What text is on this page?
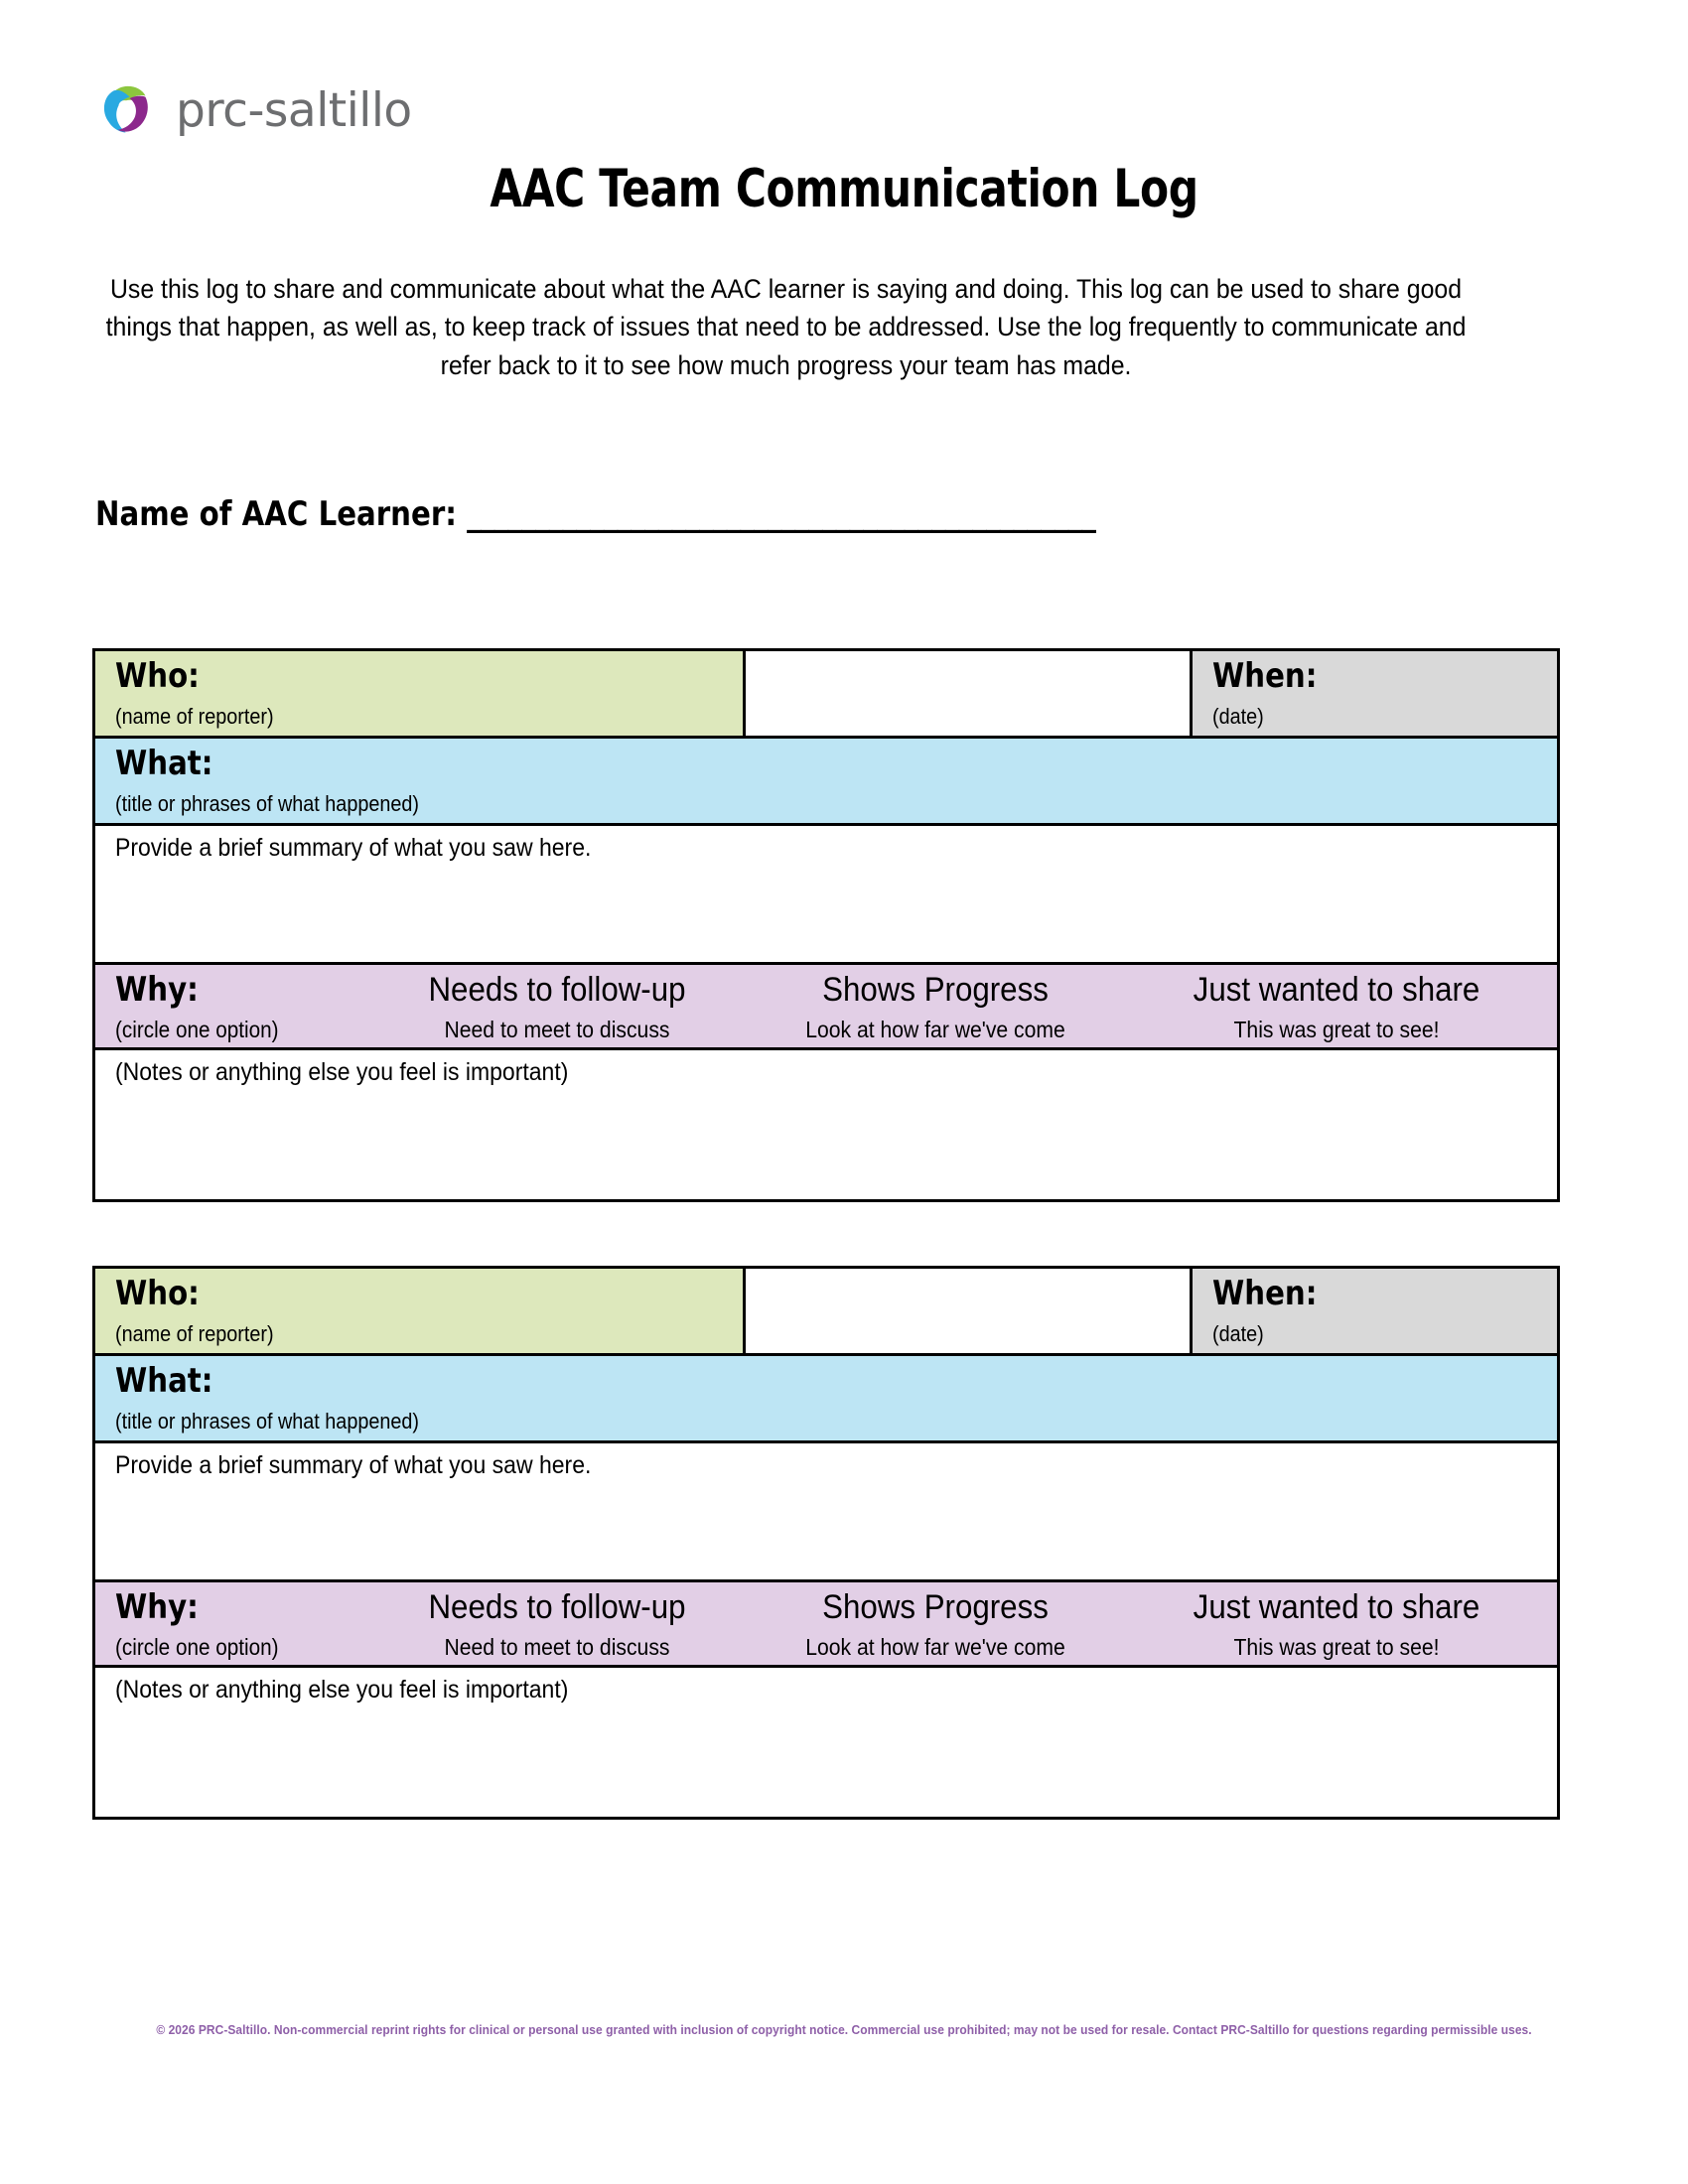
prc-saltillo
AAC Team Communication Log
Use this log to share and communicate about what the AAC learner is saying and doing. This log can be used to share good things that happen, as well as, to keep track of issues that need to be addressed. Use the log frequently to communicate and refer back to it to see how much progress your team has made.
Name of AAC Learner: ______________________________________________
Who:
(name of reporter)
When:
(date)
What:
(title or phrases of what happened)
Provide a brief summary of what you saw here.
Why:
(circle one option)
Needs to follow-up
Need to meet to discuss
Shows Progress
Look at how far we've come
Just wanted to share
This was great to see!
(Notes or anything else you feel is important)
Who:
(name of reporter)
When:
(date)
What:
(title or phrases of what happened)
Provide a brief summary of what you saw here.
Why:
(circle one option)
Needs to follow-up
Need to meet to discuss
Shows Progress
Look at how far we've come
Just wanted to share
This was great to see!
(Notes or anything else you feel is important)
© 2026 PRC-Saltillo. Non-commercial reprint rights for clinical or personal use granted with inclusion of copyright notice. Commercial use prohibited; may not be used for resale. Contact PRC-Saltillo for questions regarding permissible uses.
